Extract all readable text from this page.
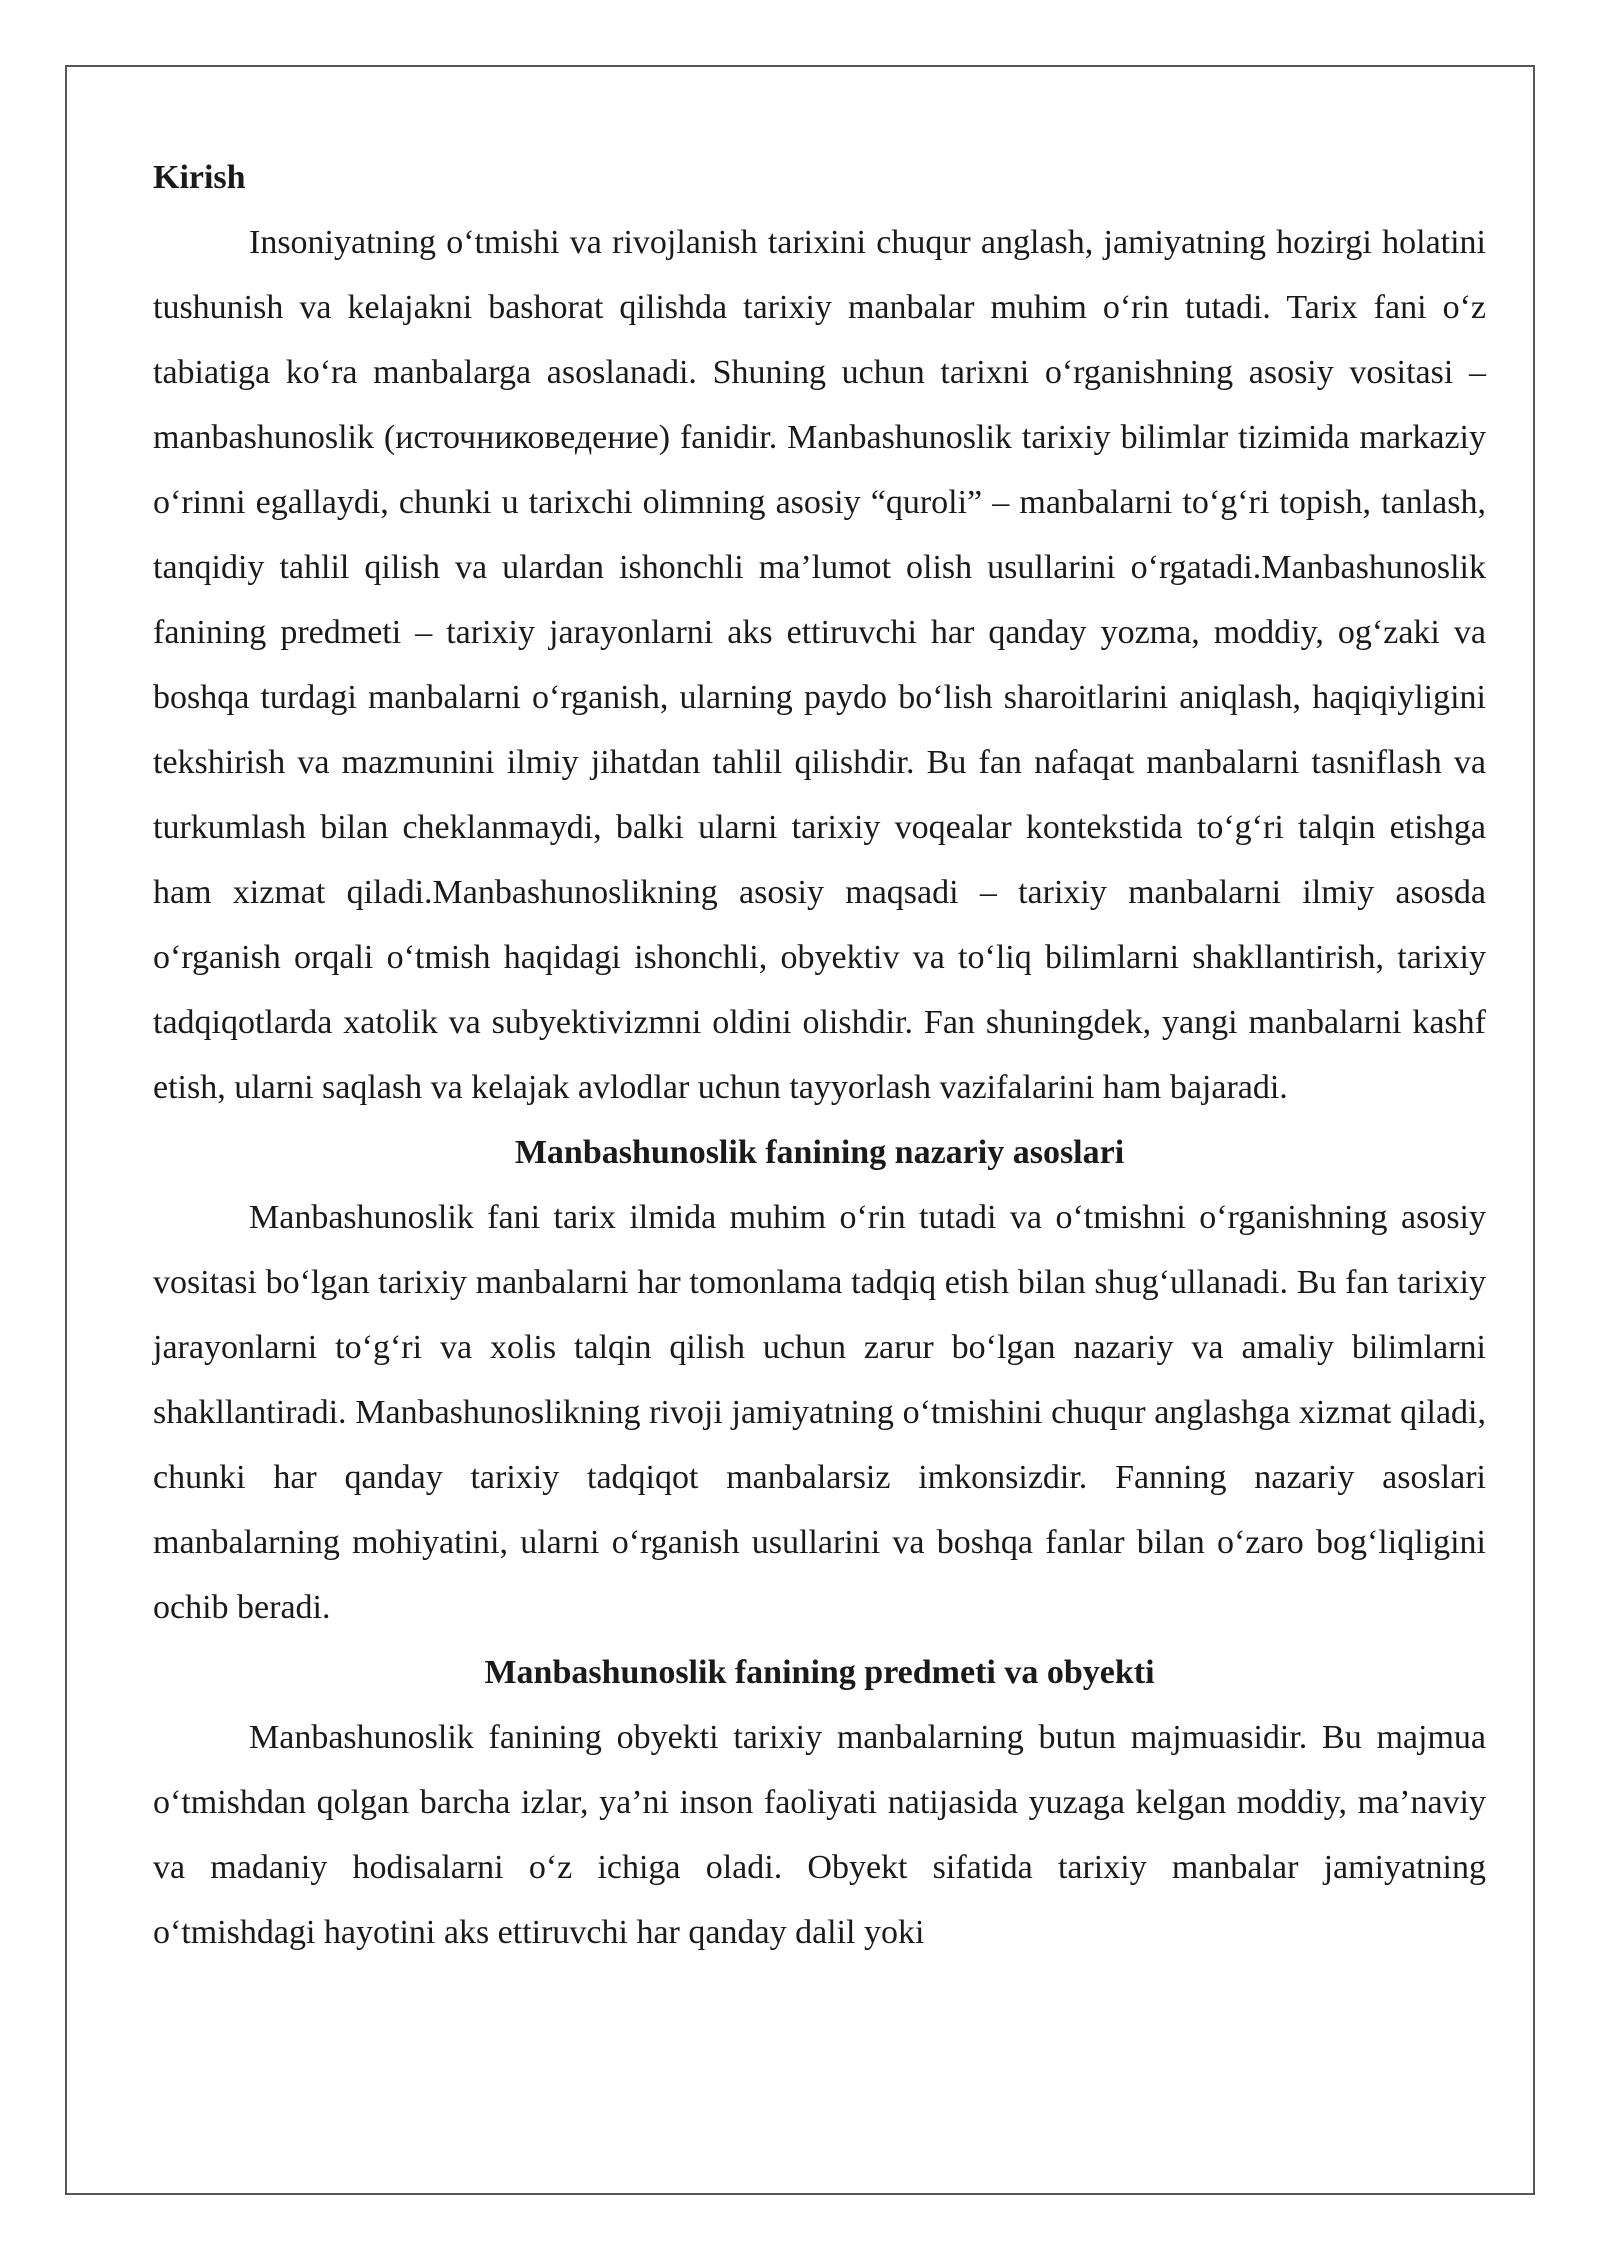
Kirish

Insoniyatning o‘tmishi va rivojlanish tarixini chuqur anglash, jamiyatning hozirgi holatini tushunish va kelajakni bashorat qilishda tarixiy manbalar muhim o‘rin tutadi. Tarix fani o‘z tabiatiga ko‘ra manbalarga asoslanadi. Shuning uchun tarixni o‘rganishning asosiy vositasi – manbashunoslik (источниковедение) fanidir. Manbashunoslik tarixiy bilimlar tizimida markaziy o‘rinni egallaydi, chunki u tarixchi olimning asosiy “quroli” – manbalarni to‘g‘ri topish, tanlash, tanqidiy tahlil qilish va ulardan ishonchli ma’lumot olish usullarini o‘rgatadi.Manbashunoslik fanining predmeti – tarixiy jarayonlarni aks ettiruvchi har qanday yozma, moddiy, og‘zaki va boshqa turdagi manbalarni o‘rganish, ularning paydo bo‘lish sharoitlarini aniqlash, haqiqiyligini tekshirish va mazmunini ilmiy jihatdan tahlil qilishdir. Bu fan nafaqat manbalarni tasniflash va turkumlash bilan cheklanmaydi, balki ularni tarixiy voqealar kontekstida to‘g‘ri talqin etishga ham xizmat qiladi.Manbashunoslikning asosiy maqsadi – tarixiy manbalarni ilmiy asosda o‘rganish orqali o‘tmish haqidagi ishonchli, obyektiv va to‘liq bilimlarni shakllantirish, tarixiy tadqiqotlarda xatolik va subyektivizmni oldini olishdir. Fan shuningdek, yangi manbalarni kashf etish, ularni saqlash va kelajak avlodlar uchun tayyorlash vazifalarini ham bajaradi.

Manbashunoslik fanining nazariy asoslari

Manbashunoslik fani tarix ilmida muhim o‘rin tutadi va o‘tmishni o‘rganishning asosiy vositasi bo‘lgan tarixiy manbalarni har tomonlama tadqiq etish bilan shug‘ullanadi. Bu fan tarixiy jarayonlarni to‘g‘ri va xolis talqin qilish uchun zarur bo‘lgan nazariy va amaliy bilimlarni shakllantiradi. Manbashunoslikning rivoji jamiyatning o‘tmishini chuqur anglashga xizmat qiladi, chunki har qanday tarixiy tadqiqot manbalarsiz imkonsizdir. Fanning nazariy asoslari manbalarning mohiyatini, ularni o‘rganish usullarini va boshqa fanlar bilan o‘zaro bog‘liqligini ochib beradi.

Manbashunoslik fanining predmeti va obyekti

Manbashunoslik fanining obyekti tarixiy manbalarning butun majmuasidir. Bu majmua o‘tmishdan qolgan barcha izlar, ya’ni inson faoliyati natijasida yuzaga kelgan moddiy, ma’naviy va madaniy hodisalarni o‘z ichiga oladi. Obyekt sifatida tarixiy manbalar jamiyatning o‘tmishdagi hayotini aks ettiruvchi har qanday dalil yoki
